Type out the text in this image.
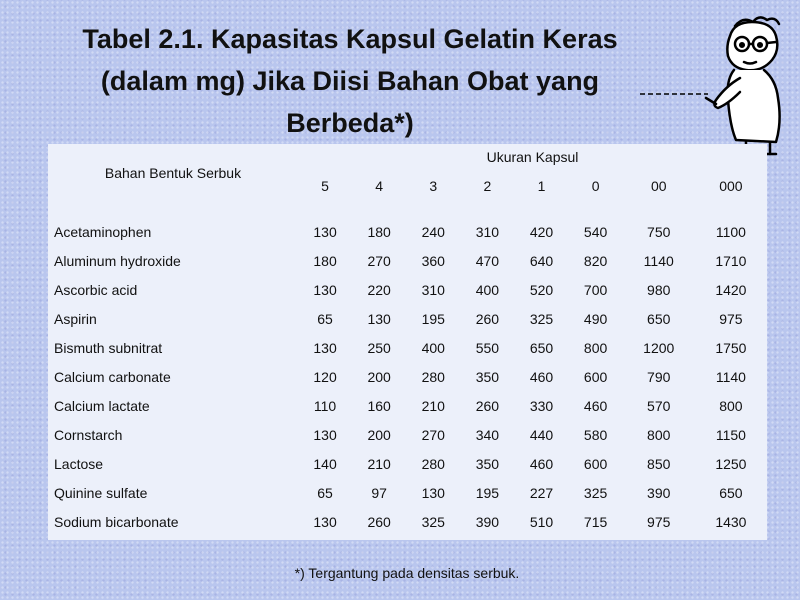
Tabel 2.1. Kapasitas Kapsul Gelatin Keras
(dalam mg) Jika Diisi Bahan Obat yang
Berbeda*)
Bahan Bentuk Serbuk	Ukuran Kapsul							
	5	4	3	2	1	0	00	000

Acetaminophen	130	180	240	310	420	540	750	1100
Aluminum hydroxide	180	270	360	470	640	820	1140	1710
Ascorbic acid	130	220	310	400	520	700	980	1420
Aspirin	65	130	195	260	325	490	650	975
Bismuth subnitrat	130	250	400	550	650	800	1200	1750
Calcium carbonate	120	200	280	350	460	600	790	1140
Calcium lactate	110	160	210	260	330	460	570	800
Cornstarch	130	200	270	340	440	580	800	1150
Lactose	140	210	280	350	460	600	850	1250
Quinine sulfate	65	97	130	195	227	325	390	650
Sodium bicarbonate	130	260	325	390	510	715	975	1430
*) Tergantung pada densitas serbuk.
